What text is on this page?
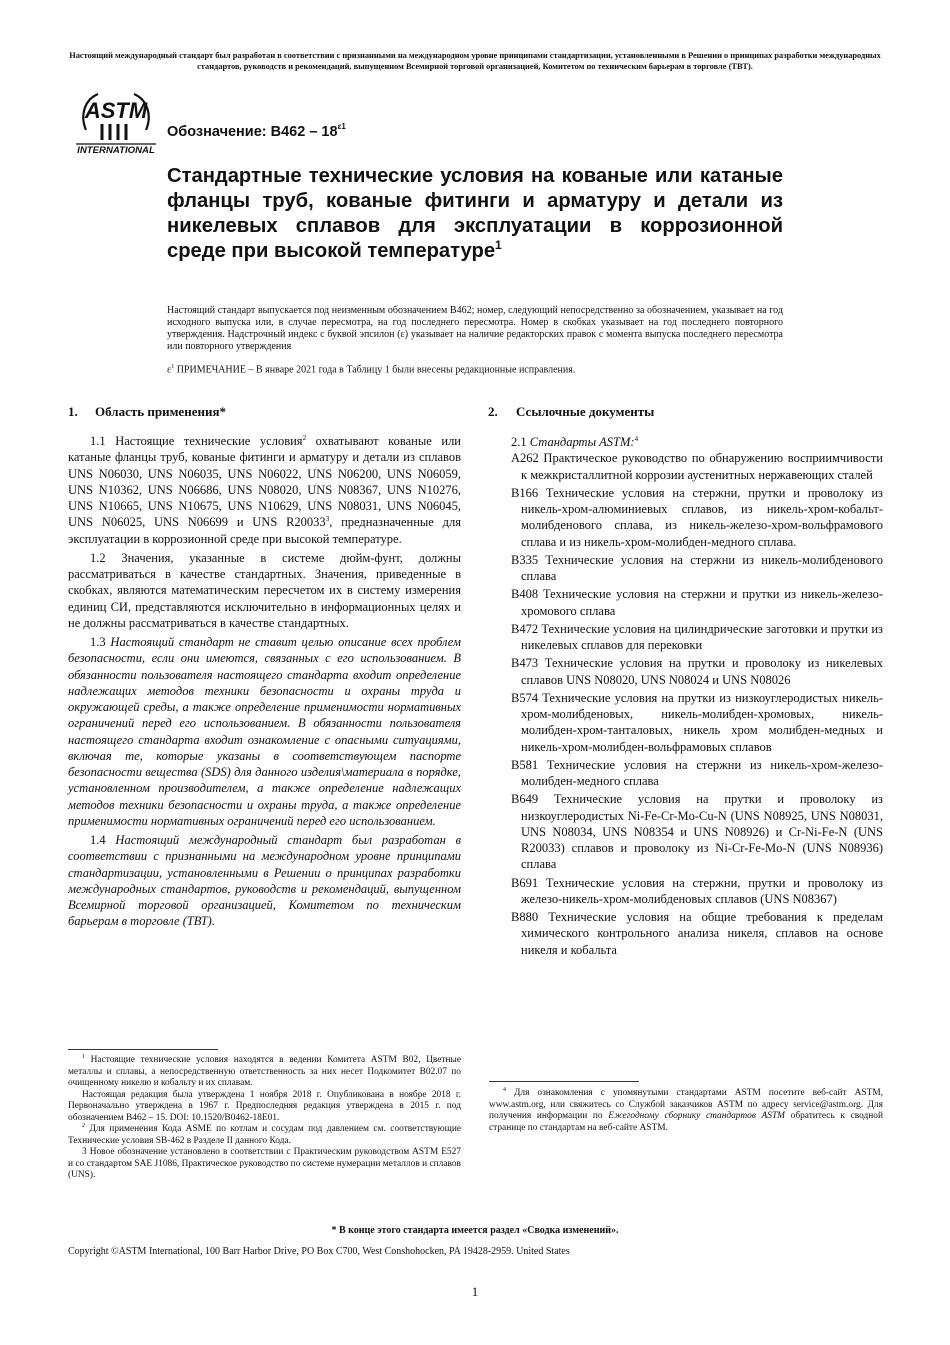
Настоящий международный стандарт был разработан в соответствии с признанными на международном уровне принципами стандартизации, установленными в Решении о принципах разработки международных стандартов, руководств и рекомендаций, выпущенном Всемирной торговой организацией, Комитетом по техническим барьерам в торговле (ТВТ).
ASTM
INTERNATIONAL
Обозначение: $B462 - 18^{\varepsilon 1}$
Стандартные технические условия на кованые или катаные фланцы труб, кованые фитинги и арматуру и детали из никелевых сплавов для эксплуатации в коррозионной среде при высокой температуре$^1$
Настоящий стандарт выпускается под неизменным обозначением B462; номер, следующий непосредственно за обозначением, указывает на год исходного выпуска или, в случае пересмотра, на год последнего пересмотра. Номер в скобках указывает на год последнего повторного утверждения. Надстрочный индекс с буквой эпсилон (ε) указывает на наличие редакторских правок с момента выпуска последнего пересмотра или повторного утверждения
$\varepsilon^1$ ПРИМЕЧАНИЕ – В январе 2021 года в Таблицу 1 были внесены редакционные исправления.
1. Область применения*

1.1 Настоящие технические условия$^2$ охватывают кованые или катаные фланцы труб, кованые фитинги и арматуру и детали из сплавов UNS N06030, UNS N06035, UNS N06022, UNS N06200, UNS N06059, UNS N10362, UNS N06686, UNS N08020, UNS N08367, UNS N10276, UNS N10665, UNS N10675, UNS N10629, UNS N08031, UNS N06045, UNS N06025, UNS N06699 и UNS R20033$^3$, предназначенные для эксплуатации в коррозионной среде при высокой температуре.

1.2 Значения, указанные в системе дюйм-фунт, должны рассматриваться в качестве стандартных. Значения, приведенные в скобках, являются математическим пересчетом их в систему измерения единиц СИ, представляются исключительно в информационных целях и не должны рассматриваться в качестве стандартных.

1.3 Настоящий стандарт не ставит целью описание всех проблем безопасности, если они имеются, связанных с его использованием. В обязанности пользователя настоящего стандарта входит определение надлежащих методов техники безопасности и охраны труда и окружающей среды, а также определение применимости нормативных ограничений перед его использованием. В обязанности пользователя настоящего стандарта входит ознакомление с опасными ситуациями, включая те, которые указаны в соответствующем паспорте безопасности вещества (SDS) для данного изделия\материала в порядке, установленном производителем, а также определение надлежащих методов техники безопасности и охраны труда, а также определение применимости нормативных ограничений перед его использованием.

1.4 Настоящий международный стандарт был разработан в соответствии с признанными на международном уровне принципами стандартизации, установленными в Решении о принципах разработки международных стандартов, руководств и рекомендаций, выпущенном Всемирной торговой организацией, Комитетом по техническим барьерам в торговле (ТВТ).

2. Ссылочные документы
2.1 Стандарты ASTM:$^4$
A262 Практическое руководство по обнаружению восприимчивости к межкристаллитной коррозии аустенитных нержавеющих сталей
B166 Технические условия на стержни, прутки и проволоку из никель-хром-алюминиевых сплавов, из никель-хром-кобальт-молибденового сплава, из никель-железо-хром-вольфрамового сплава и из никель-хром-молибден-медного сплава.
B335 Технические условия на стержни из никель-молибденового сплава
B408 Технические условия на стержни и прутки из никель-железо-хромового сплава
B472 Технические условия на цилиндрические заготовки и прутки из никелевых сплавов для перековки
B473 Технические условия на прутки и проволоку из никелевых сплавов UNS N08020, UNS N08024 и UNS N08026
B574 Технические условия на прутки из низкоуглеродистых никель-хром-молибденовых, никель-молибден-хромовых, никель-молибден-хром-танталовых, никель хром молибден-медных и никель-хром-молибден-вольфрамовых сплавов
B581 Технические условия на стержни из никель-хром-железо-молибден-медного сплава
B649 Технические условия на прутки и проволоку из низкоуглеродистых Ni-Fe-Cr-Mo-Cu-N (UNS N08925, UNS N08031, UNS N08034, UNS N08354 и UNS N08926) и Cr-Ni-Fe-N (UNS R20033) сплавов и проволоку из Ni-Cr-Fe-Mo-N (UNS N08936) сплава
B691 Технические условия на стержни, прутки и проволоку из железо-никель-хром-молибденовых сплавов (UNS N08367)
B880 Технические условия на общие требования к пределам химического контрольного анализа никеля, сплавов на основе никеля и кобальта

$^1$ Настоящие технические условия находятся в ведении Комитета ASTM B02, Цветные металлы и сплавы, а непосредственную ответственность за них несет Подкомитет B02.07 по очищенному никелю и кобальту и их сплавам.

Настоящая редакция была утверждена 1 ноября 2018 г. Опубликована в ноябре 2018 г. Первоначально утверждена в 1967 г. Предпоследняя редакция утверждена в 2015 г. под обозначением B462 – 15. DOI: 10.1520/B0462-18E01.

$^2$ Для применения Кода ASME по котлам и сосудам под давлением см. соответствующие Технические условия SB-462 в Разделе II данного Кода.

3 Новое обозначение установлено в соответствии с Практическим руководством ASTM E527 и со стандартом SAE J1086, Практическое руководство по системе нумерации металлов и сплавов (UNS).

$^4$ Для ознакомления с упомянутыми стандартами ASTM посетите веб-сайт ASTM, www.astm.org, или свяжитесь со Службой заказчиков ASTM по адресу service@astm.org. Для получения информации по Ежегодному сборнику стандартов ASTM обратитесь к сводной странице по стандартам на веб-сайте ASTM.

* В конце этого стандарта имеется раздел «Сводка изменений».
Copyright ©ASTM International, 100 Barr Harbor Drive, PO Box C700, West Conshohocken, PA 19428-2959. United States
1
